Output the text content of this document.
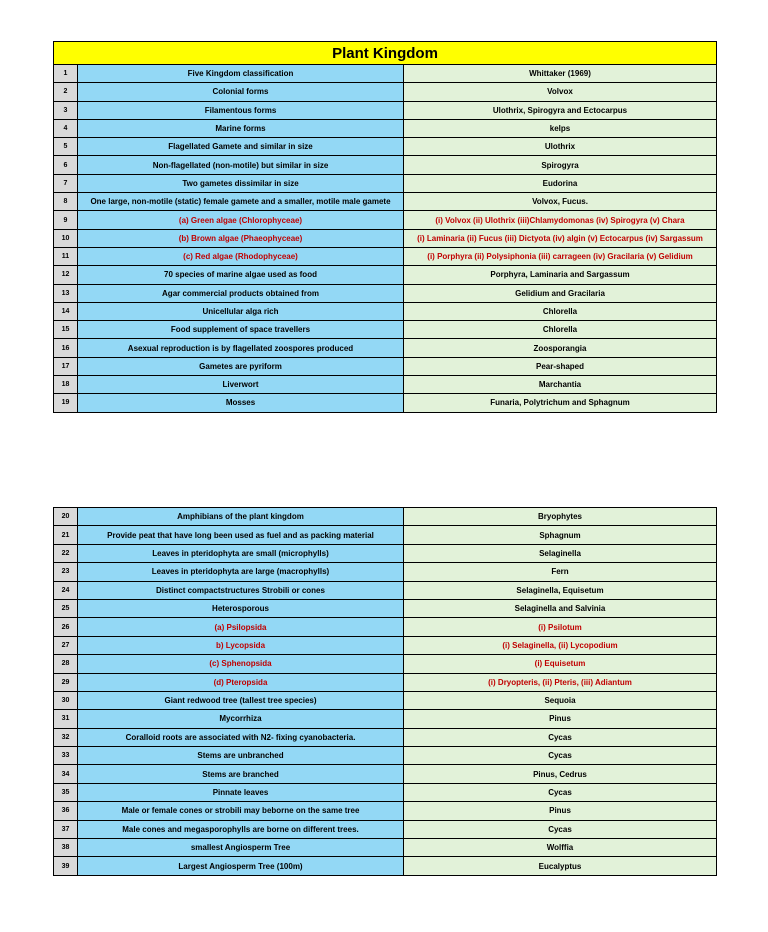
Plant Kingdom		
1	Five Kingdom classification	Whittaker (1969)
2	Colonial forms	Volvox
3	Filamentous forms	Ulothrix, Spirogyra and Ectocarpus
4	Marine forms	kelps
5	Flagellated Gamete and similar in size	Ulothrix
6	Non-flagellated (non-motile) but similar in size	Spirogyra
7	Two gametes dissimilar in size	Eudorina
8	One large, non-motile (static) female gamete and a smaller, motile male gamete	Volvox, Fucus.
9	(a) Green algae (Chlorophyceae)	(i) Volvox (ii) Ulothrix (iii)Chlamydomonas (iv) Spirogyra (v) Chara
10	(b) Brown algae (Phaeophyceae)	(i) Laminaria (ii) Fucus (iii) Dictyota (iv) algin (v) Ectocarpus (iv) Sargassum
11	(c) Red algae (Rhodophyceae)	(i) Porphyra (ii) Polysiphonia (iii) carrageen (iv) Gracilaria (v) Gelidium
12	70 species of marine algae used as food	Porphyra, Laminaria and Sargassum
13	Agar commercial products obtained from	Gelidium and Gracilaria
14	Unicellular alga rich	Chlorella
15	Food supplement of space travellers	Chlorella
16	Asexual reproduction is by flagellated zoospores produced	Zoosporangia
17	Gametes are pyriform	Pear-shaped
18	Liverwort	Marchantia
19	Mosses	Funaria, Polytrichum and Sphagnum
20	Amphibians of the plant kingdom	Bryophytes
21	Provide peat that have long been used as fuel and as packing material	Sphagnum
22	Leaves in pteridophyta are small (microphylls)	Selaginella
23	Leaves in pteridophyta are large (macrophylls)	Fern
24	Distinct compactstructures Strobili or cones	Selaginella, Equisetum
25	Heterosporous	Selaginella and Salvinia
26	(a) Psilopsida	(i) Psilotum
27	b) Lycopsida	(i) Selaginella, (ii) Lycopodium
28	(c) Sphenopsida	(i) Equisetum
29	(d) Pteropsida	(i) Dryopteris, (ii) Pteris, (iii) Adiantum
30	Giant redwood tree (tallest tree species)	Sequoia
31	Mycorrhiza	Pinus
32	Coralloid roots are associated with N2- fixing cyanobacteria.	Cycas
33	Stems are unbranched	Cycas
34	Stems are branched	Pinus, Cedrus
35	Pinnate leaves	Cycas
36	Male or female cones or strobili may beborne on the same tree	Pinus
37	Male cones and megasporophylls are borne on different trees.	Cycas
38	smallest Angiosperm Tree	Wolffia
39	Largest Angiosperm Tree (100m)	Eucalyptus
